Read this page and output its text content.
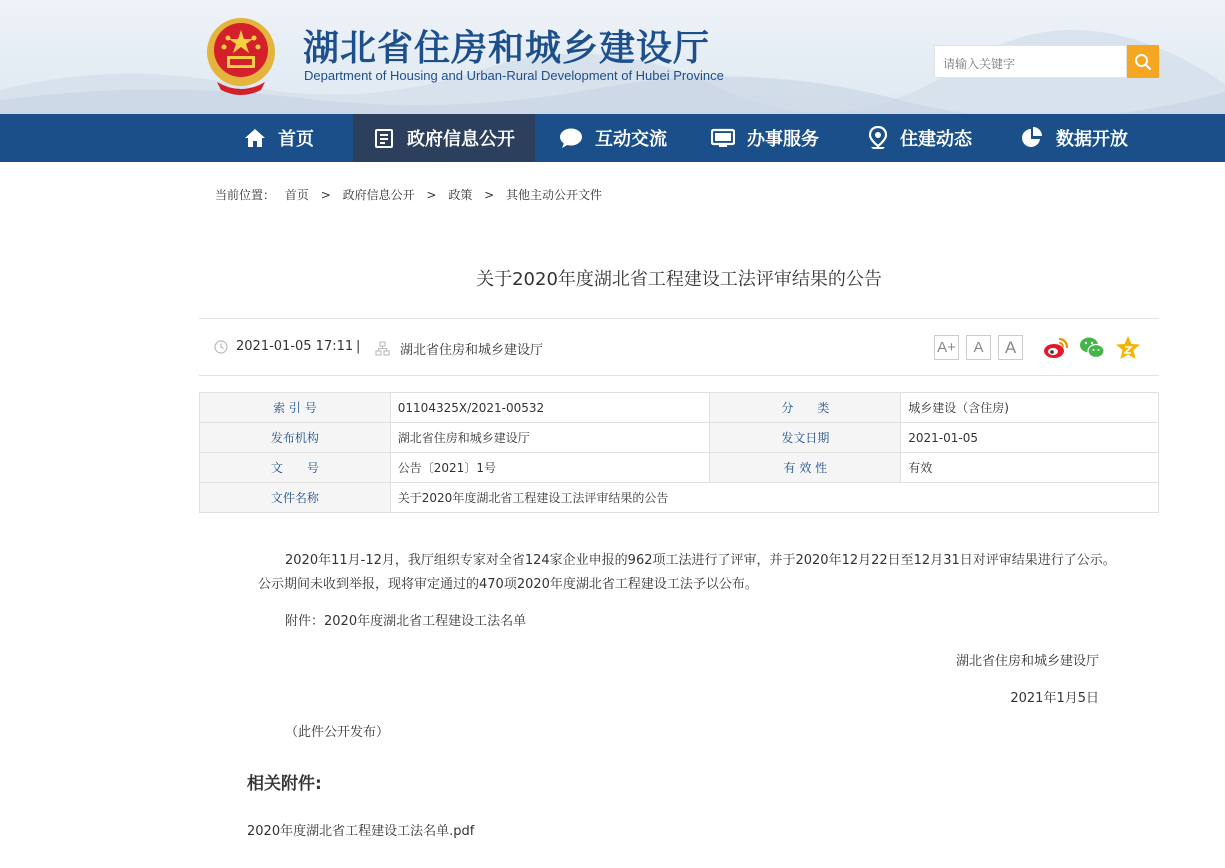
湖北省住房和城乡建设厅
Department of Housing and Urban-Rural Development of Hubei Province
请输入关键字
首页	政府信息公开	互动交流	办事服务	住建动态	数据开放
当前位置： 首页 > 政府信息公开 > 政策 > 其他主动公开文件
关于2020年度湖北省工程建设工法评审结果的公告
2021-01-05 17:11 |	湖北省住房和城乡建设厅	A+	A	A
索 引 号	01104325X/2021-00532	分　　类	城乡建设（含住房)
发布机构	湖北省住房和城乡建设厅	发文日期	2021-01-05
文　　号	公告〔2021〕1号	有 效 性	有效
文件名称	关于2020年度湖北省工程建设工法评审结果的公告		
2020年11月-12月，我厅组织专家对全省124家企业申报的962项工法进行了评审，并于2020年12月22日至12月31日对评审结果进行了公示。公示期间未收到举报，现将审定通过的470项2020年度湖北省工程建设工法予以公布。
附件：2020年度湖北省工程建设工法名单
湖北省住房和城乡建设厅
2021年1月5日
（此件公开发布）
相关附件:
2020年度湖北省工程建设工法名单.pdf
